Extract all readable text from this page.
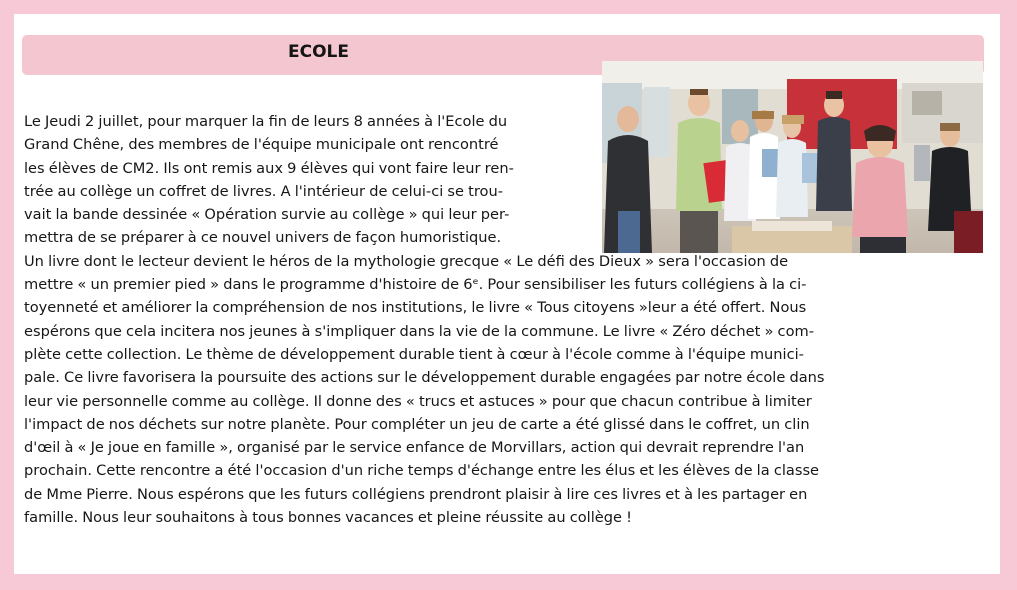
ECOLE

Le Jeudi 2 juillet, pour marquer la fin de leurs 8 années à l'Ecole du
Grand Chêne, des membres de l'équipe municipale ont rencontré
les élèves de CM2. Ils ont remis aux 9 élèves qui vont faire leur ren-
trée au collège un coffret de livres. A l'intérieur de celui-ci se trou-
vait la bande dessinée « Opération survie au collège » qui leur per-
mettra de se préparer à ce nouvel univers de façon humoristique.
Un livre dont le lecteur devient le héros de la mythologie grecque « Le défi des Dieux » sera l'occasion de
mettre « un premier pied » dans le programme d'histoire de 6ᵉ. Pour sensibiliser les futurs collégiens à la ci-
toyenneté et améliorer la compréhension de nos institutions, le livre « Tous citoyens »leur a été offert. Nous
espérons que cela incitera nos jeunes à s'impliquer dans la vie de la commune. Le livre « Zéro déchet » com-
plète cette collection. Le thème de développement durable tient à cœur à l'école comme à l'équipe munici-
pale. Ce livre favorisera la poursuite des actions sur le développement durable engagées par notre école dans
leur vie personnelle comme au collège. Il donne des « trucs et astuces » pour que chacun contribue à limiter
l'impact de nos déchets sur notre planète. Pour compléter un jeu de carte a été glissé dans le coffret, un clin
d'œil à « Je joue en famille », organisé par le service enfance de Morvillars, action qui devrait reprendre l'an
prochain. Cette rencontre a été l'occasion d'un riche temps d'échange entre les élus et les élèves de la classe
de Mme Pierre. Nous espérons que les futurs collégiens prendront plaisir à lire ces livres et à les partager en
famille. Nous leur souhaitons à tous bonnes vacances et pleine réussite au collège !
